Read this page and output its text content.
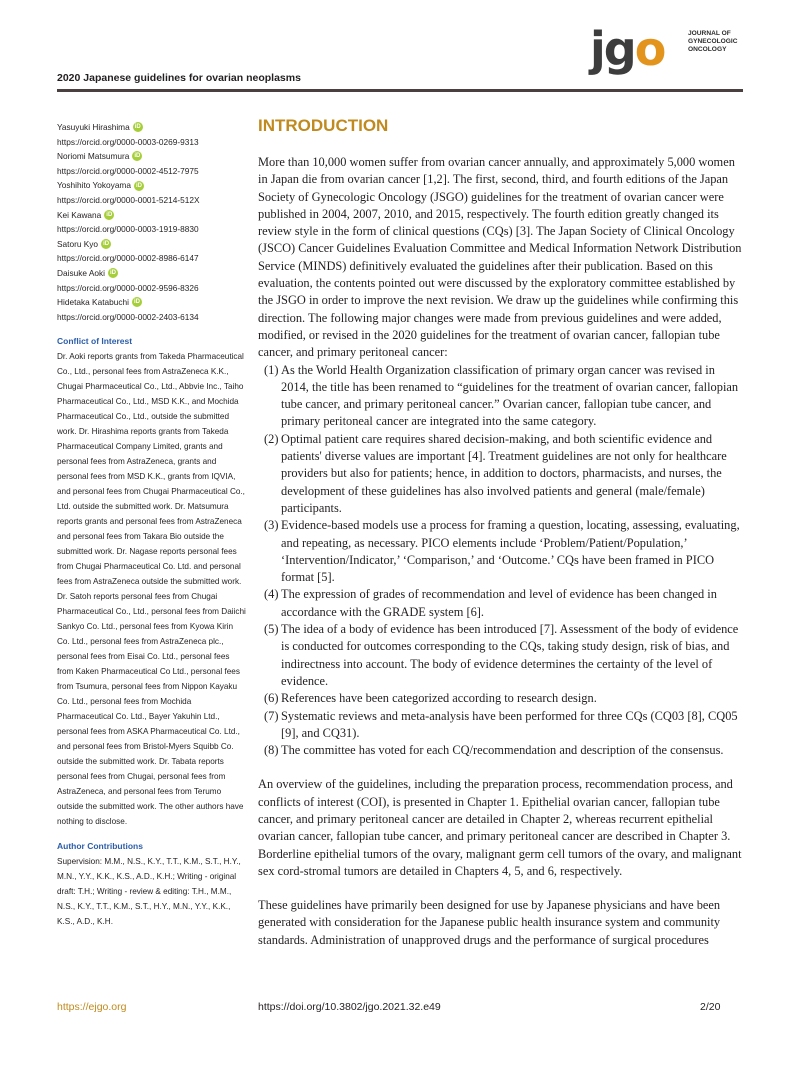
2020 Japanese guidelines for ovarian neoplasms
jgo	JOURNAL OF
GYNECOLOGIC
ONCOLOGY
Yasuyuki Hirashima iD
https://orcid.org/0000-0003-0269-9313
Noriomi Matsumura iD
https://orcid.org/0000-0002-4512-7975
Yoshihito Yokoyama iD
https://orcid.org/0000-0001-5214-512X
Kei Kawana iD
https://orcid.org/0000-0003-1919-8830
Satoru Kyo iD
https://orcid.org/0000-0002-8986-6147
Daisuke Aoki iD
https://orcid.org/0000-0002-9596-8326
Hidetaka Katabuchi iD
https://orcid.org/0000-0002-2403-6134
Conflict of Interest
Dr. Aoki reports grants from Takeda Pharmaceutical Co., Ltd., personal fees from AstraZeneca K.K., Chugai Pharmaceutical Co., Ltd., Abbvie Inc., Taiho Pharmaceutical Co., Ltd., MSD K.K., and Mochida Pharmaceutical Co., Ltd., outside the submitted work. Dr. Hirashima reports grants from Takeda Pharmaceutical Company Limited, grants and personal fees from AstraZeneca, grants and personal fees from MSD K.K., grants from IQVIA, and personal fees from Chugai Pharmaceutical Co., Ltd. outside the submitted work. Dr. Matsumura reports grants and personal fees from AstraZeneca and personal fees from Takara Bio outside the submitted work. Dr. Nagase reports personal fees from Chugai Pharmaceutical Co. Ltd. and personal fees from AstraZeneca outside the submitted work. Dr. Satoh reports personal fees from Chugai Pharmaceutical Co., Ltd., personal fees from Daiichi Sankyo Co. Ltd., personal fees from Kyowa Kirin Co. Ltd., personal fees from AstraZeneca plc., personal fees from Eisai Co. Ltd., personal fees from Kaken Pharmaceutical Co Ltd., personal fees from Tsumura, personal fees from Nippon Kayaku Co. Ltd., personal fees from Mochida Pharmaceutical Co. Ltd., Bayer Yakuhin Ltd., personal fees from ASKA Pharmaceutical Co. Ltd., and personal fees from Bristol-Myers Squibb Co. outside the submitted work. Dr. Tabata reports personal fees from Chugai, personal fees from AstraZeneca, and personal fees from Terumo outside the submitted work. The other authors have nothing to disclose.
Author Contributions
Supervision: M.M., N.S., K.Y., T.T., K.M., S.T., H.Y., M.N., Y.Y., K.K., K.S., A.D., K.H.; Writing - original draft: T.H.; Writing - review & editing: T.H., M.M., N.S., K.Y., T.T., K.M., S.T., H.Y., M.N., Y.Y., K.K., K.S., A.D., K.H.
INTRODUCTION

More than 10,000 women suffer from ovarian cancer annually, and approximately 5,000 women in Japan die from ovarian cancer [1,2]. The first, second, third, and fourth editions of the Japan Society of Gynecologic Oncology (JSGO) guidelines for the treatment of ovarian cancer were published in 2004, 2007, 2010, and 2015, respectively. The fourth edition greatly changed its review style in the form of clinical questions (CQs) [3]. The Japan Society of Clinical Oncology (JSCO) Cancer Guidelines Evaluation Committee and Medical Information Network Distribution Service (MINDS) definitively evaluated the guidelines after their publication. Based on this evaluation, the contents pointed out were discussed by the exploratory committee established by the JSGO in order to improve the next revision. We draw up the guidelines while confirming this direction. The following major changes were made from previous guidelines and were added, modified, or revised in the 2020 guidelines for the treatment of ovarian cancer, fallopian tube cancer, and primary peritoneal cancer:

(1) As the World Health Organization classification of primary organ cancer was revised in 2014, the title has been renamed to “guidelines for the treatment of ovarian cancer, fallopian tube cancer, and primary peritoneal cancer.” Ovarian cancer, fallopian tube cancer, and primary peritoneal cancer are integrated into the same category.
(2) Optimal patient care requires shared decision-making, and both scientific evidence and patients' diverse values are important [4]. Treatment guidelines are not only for healthcare providers but also for patients; hence, in addition to doctors, pharmacists, and nurses, the development of these guidelines has also involved patients and general (male/female) participants.
(3) Evidence-based models use a process for framing a question, locating, assessing, evaluating, and repeating, as necessary. PICO elements include ‘Problem/Patient/Population,’ ‘Intervention/Indicator,’ ‘Comparison,’ and ‘Outcome.’ CQs have been framed in PICO format [5].
(4) The expression of grades of recommendation and level of evidence has been changed in accordance with the GRADE system [6].
(5) The idea of a body of evidence has been introduced [7]. Assessment of the body of evidence is conducted for outcomes corresponding to the CQs, taking study design, risk of bias, and indirectness into account. The body of evidence determines the certainty of the level of evidence.
(6) References have been categorized according to research design.
(7) Systematic reviews and meta-analysis have been performed for three CQs (CQ03 [8], CQ05 [9], and CQ31).
(8) The committee has voted for each CQ/recommendation and description of the consensus.

An overview of the guidelines, including the preparation process, recommendation process, and conflicts of interest (COI), is presented in Chapter 1. Epithelial ovarian cancer, fallopian tube cancer, and primary peritoneal cancer are detailed in Chapter 2, whereas recurrent epithelial ovarian cancer, fallopian tube cancer, and primary peritoneal cancer are described in Chapter 3. Borderline epithelial tumors of the ovary, malignant germ cell tumors of the ovary, and malignant sex cord-stromal tumors are detailed in Chapters 4, 5, and 6, respectively.

These guidelines have primarily been designed for use by Japanese physicians and have been generated with consideration for the Japanese public health insurance system and community standards. Administration of unapproved drugs and the performance of surgical procedures

https://ejgo.org	https://doi.org/10.3802/jgo.2021.32.e49	2/20
